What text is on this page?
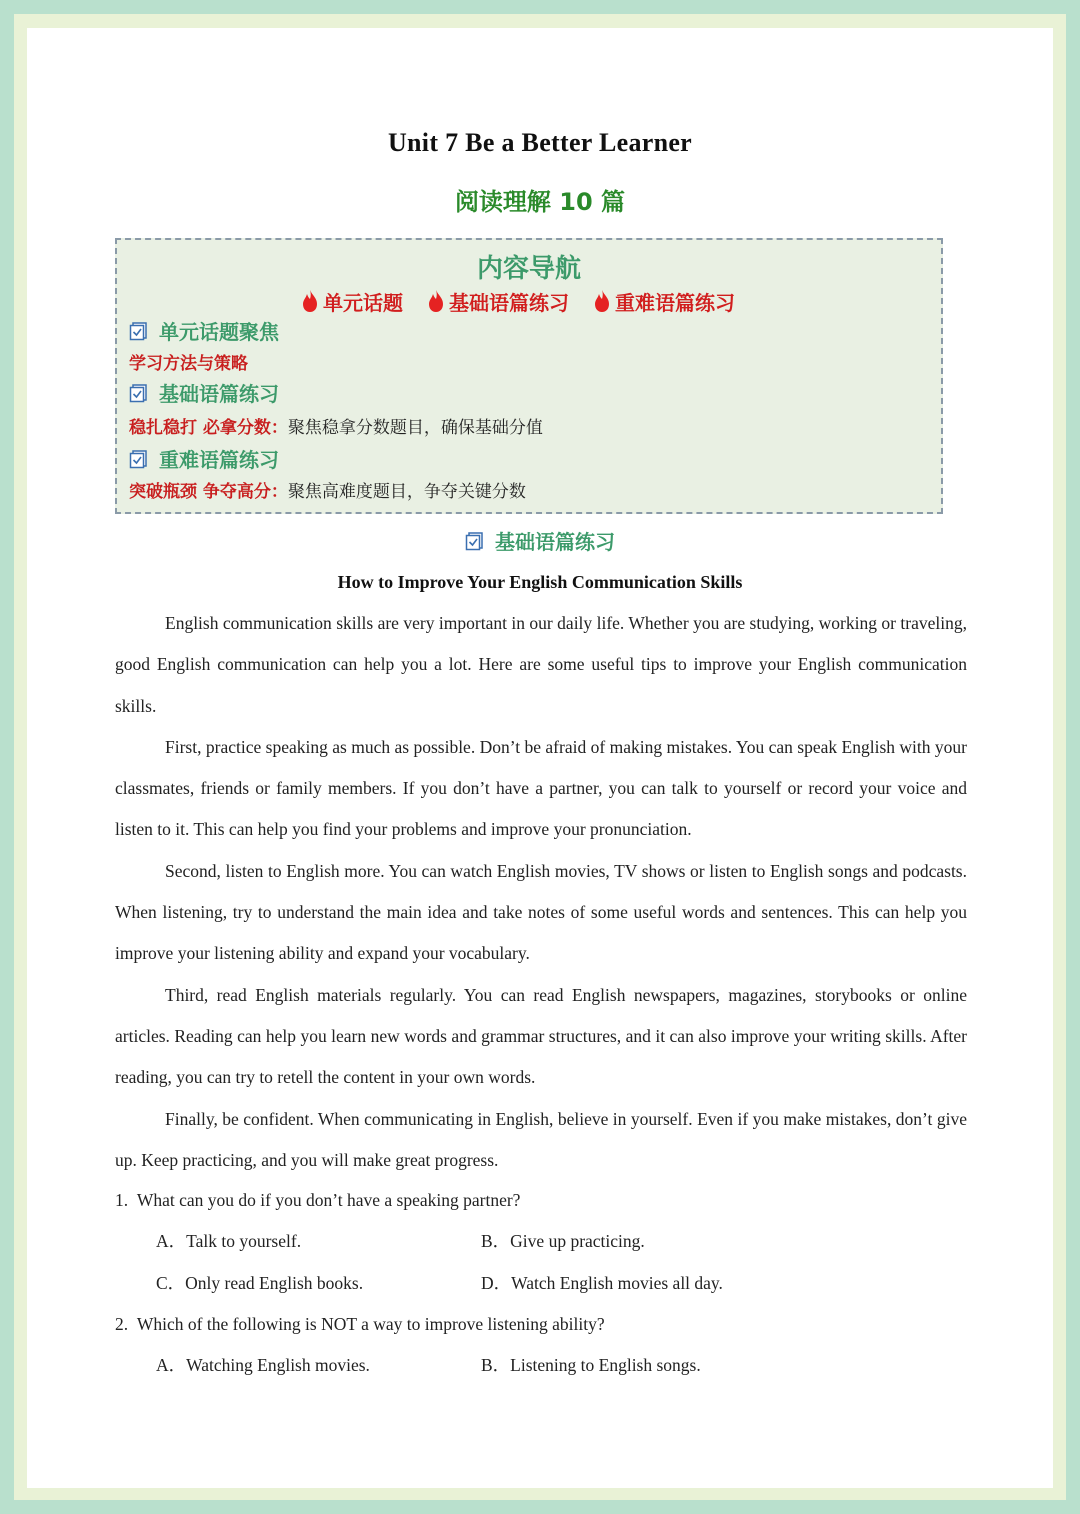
Unit 7 Be a Better Learner
阅读理解 10 篇
内容导航
单元话题 基础语篇练习 重难语篇练习
单元话题聚焦
学习方法与策略
基础语篇练习
稳扎稳打 必拿分数： 聚焦稳拿分数题目，确保基础分值
重难语篇练习
突破瓶颈 争夺高分： 聚焦高难度题目，争夺关键分数
基础语篇练习
How to Improve Your English Communication Skills

English communication skills are very important in our daily life. Whether you are studying, working or traveling, good English communication can help you a lot. Here are some useful tips to improve your English communication skills.

First, practice speaking as much as possible. Don’t be afraid of making mistakes. You can speak English with your classmates, friends or family members. If you don’t have a partner, you can talk to yourself or record your voice and listen to it. This can help you find your problems and improve your pronunciation.

Second, listen to English more. You can watch English movies, TV shows or listen to English songs and podcasts. When listening, try to understand the main idea and take notes of some useful words and sentences. This can help you improve your listening ability and expand your vocabulary.

Third, read English materials regularly. You can read English newspapers, magazines, storybooks or online articles. Reading can help you learn new words and grammar structures, and it can also improve your writing skills. After reading, you can try to retell the content in your own words.

Finally, be confident. When communicating in English, believe in yourself. Even if you make mistakes, don’t give up. Keep practicing, and you will make great progress.

1. What can you do if you don’t have a speaking partner?
A．Talk to yourself.	B．Give up practicing.
C．Only read English books.	D．Watch English movies all day.
2. Which of the following is NOT a way to improve listening ability?
A．Watching English movies.	B．Listening to English songs.
